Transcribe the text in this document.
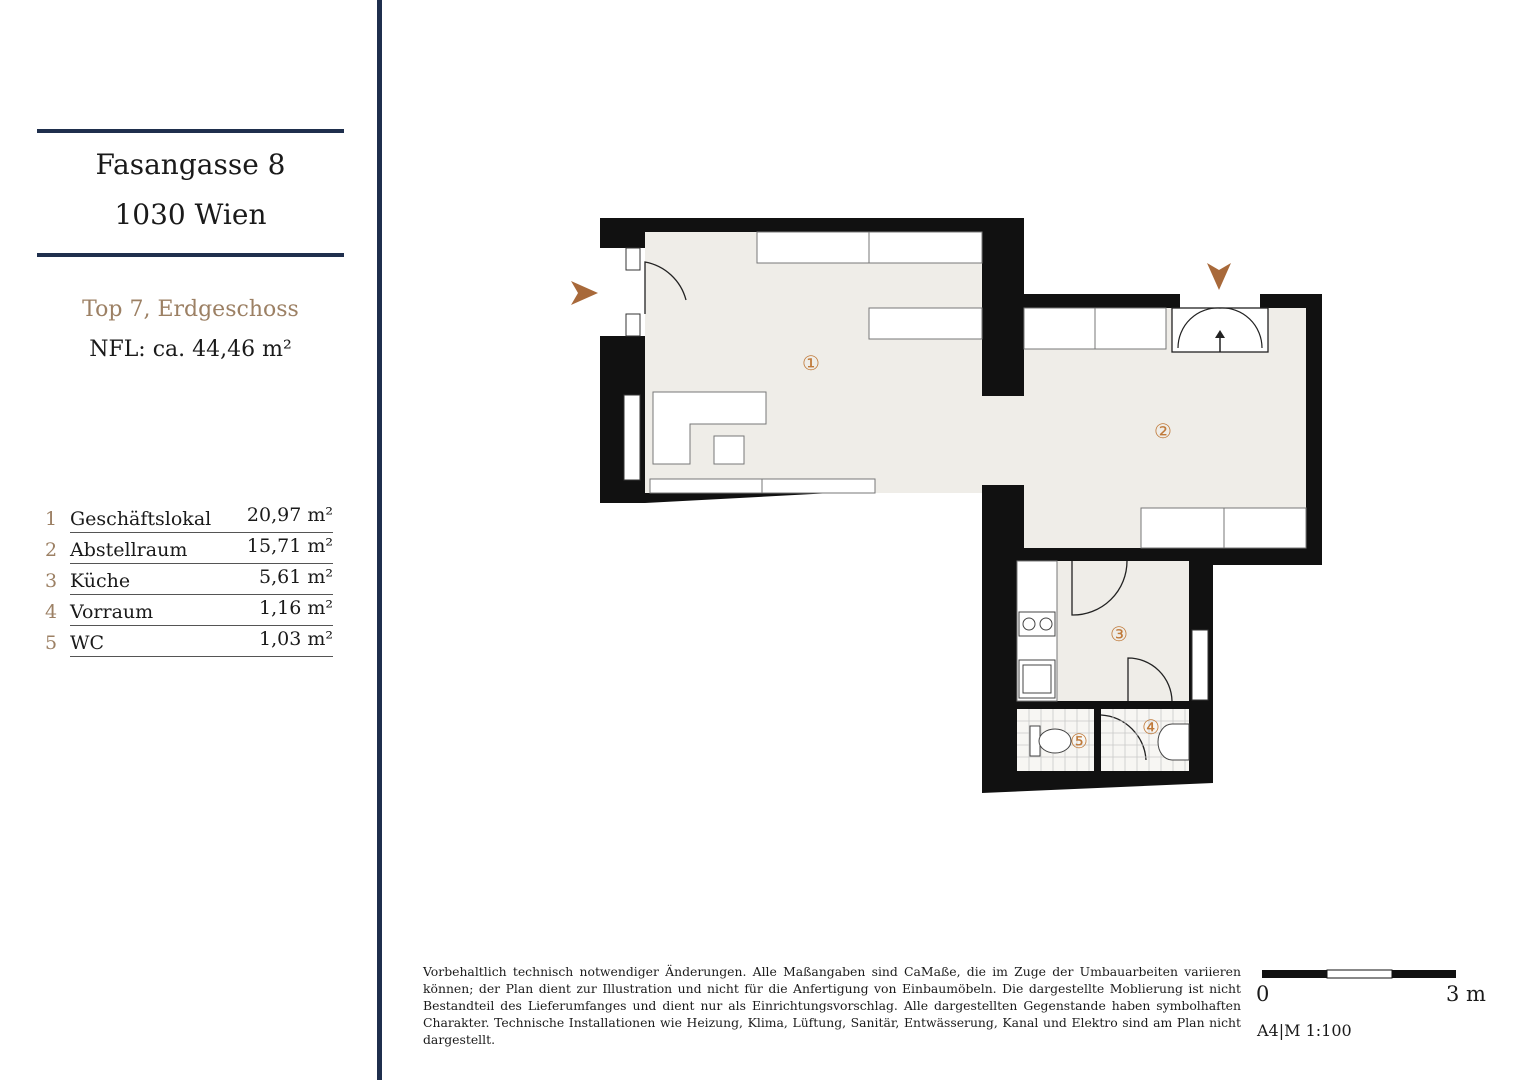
Fasangasse 8
1030 Wien
Top 7, Erdgeschoss
NFL: ca. 44,46 m²
1 Geschäftslokal 20,97 m²
2 Abstellraum	15,71 m²
3 Küche	5,61 m²
4 Vorraum	1,16 m²
5 WC	1,03 m²
①
②
③
④
⑤
Vorbehaltlich technisch notwendiger Änderungen. Alle Maßangaben sind CaMaße, die im Zuge der Umbauarbeiten variieren können; der Plan dient zur Illustration und nicht für die Anfertigung von Einbaumöbeln. Die dargestellte Moblierung ist nicht Bestandteil des Lieferumfanges und dient nur als Einrichtungsvorschlag. Alle dargestellten Gegenstande haben symbolhaften Charakter. Technische Installationen wie Heizung, Klima, Lüftung, Sanitär, Entwässerung, Kanal und Elektro sind am Plan nicht dargestellt.
0	3 m
A4|M 1:100
